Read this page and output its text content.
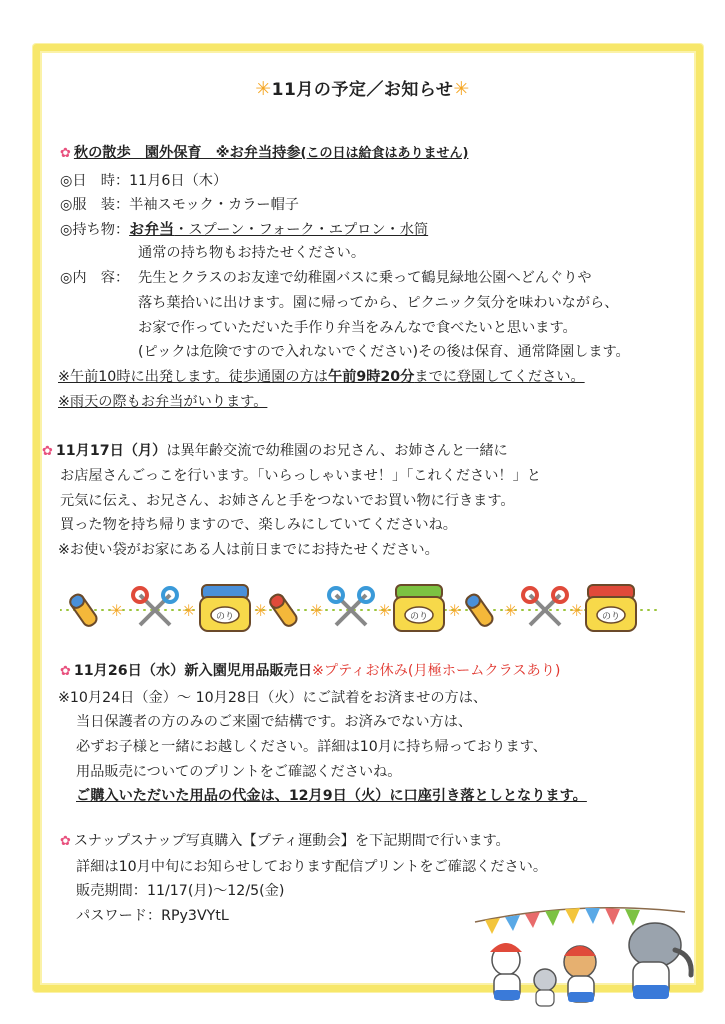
✳11月の予定／お知らせ✳
✿ 秋の散歩　園外保育　※お弁当持参(この日は給食はありません)
◎日　時：11月6日（木）
◎服　装：半袖スモック・カラー帽子
◎持ち物：お弁当・スプーン・フォーク・エプロン・水筒
通常の持ち物もお持たせください。
◎内　容： 先生とクラスのお友達で幼稚園バスに乗って鶴見緑地公園へどんぐりや
落ち葉拾いに出けます。園に帰ってから、ピクニック気分を味わいながら、
お家で作っていただいた手作り弁当をみんなで食べたいと思います。
(ピックは危険ですので入れないでください)その後は保育、通常降園します。
※午前10時に出発します。徒歩通園の方は午前9時20分までに登園してください。
※雨天の際もお弁当がいります。
✿ 11月17日（月）は異年齢交流で幼稚園のお兄さん、お姉さんと一緒に
お店屋さんごっこを行います。「いらっしゃいませ！」「これください！」と
元気に伝え、お兄さん、お姉さんと手をつないでお買い物に行きます。
買った物を持ち帰りますので、楽しみにしていてくださいね。
※お使い袋がお家にある人は前日までにお持たせください。
✳	✳ のり ✳	✳	✳ のり ✳	✳	✳ のり
✿ 11月26日（水）新入園児用品販売日※プティお休み(月極ホームクラスあり)
※10月24日（金）～ 10月28日（火）にご試着をお済ませの方は、
当日保護者の方のみのご来園で結構です。お済みでない方は、
必ずお子様と一緒にお越しください。詳細は10月に持ち帰っております、
用品販売についてのプリントをご確認くださいね。
ご購入いただいた用品の代金は、12月9日（火）に口座引き落としとなります。
✿ スナップスナップ写真購入【プティ運動会】を下記期間で行います。
詳細は10月中旬にお知らせしております配信プリントをご確認ください。
販売期間：11/17(月)～12/5(金)
パスワード：RPy3VYtL
